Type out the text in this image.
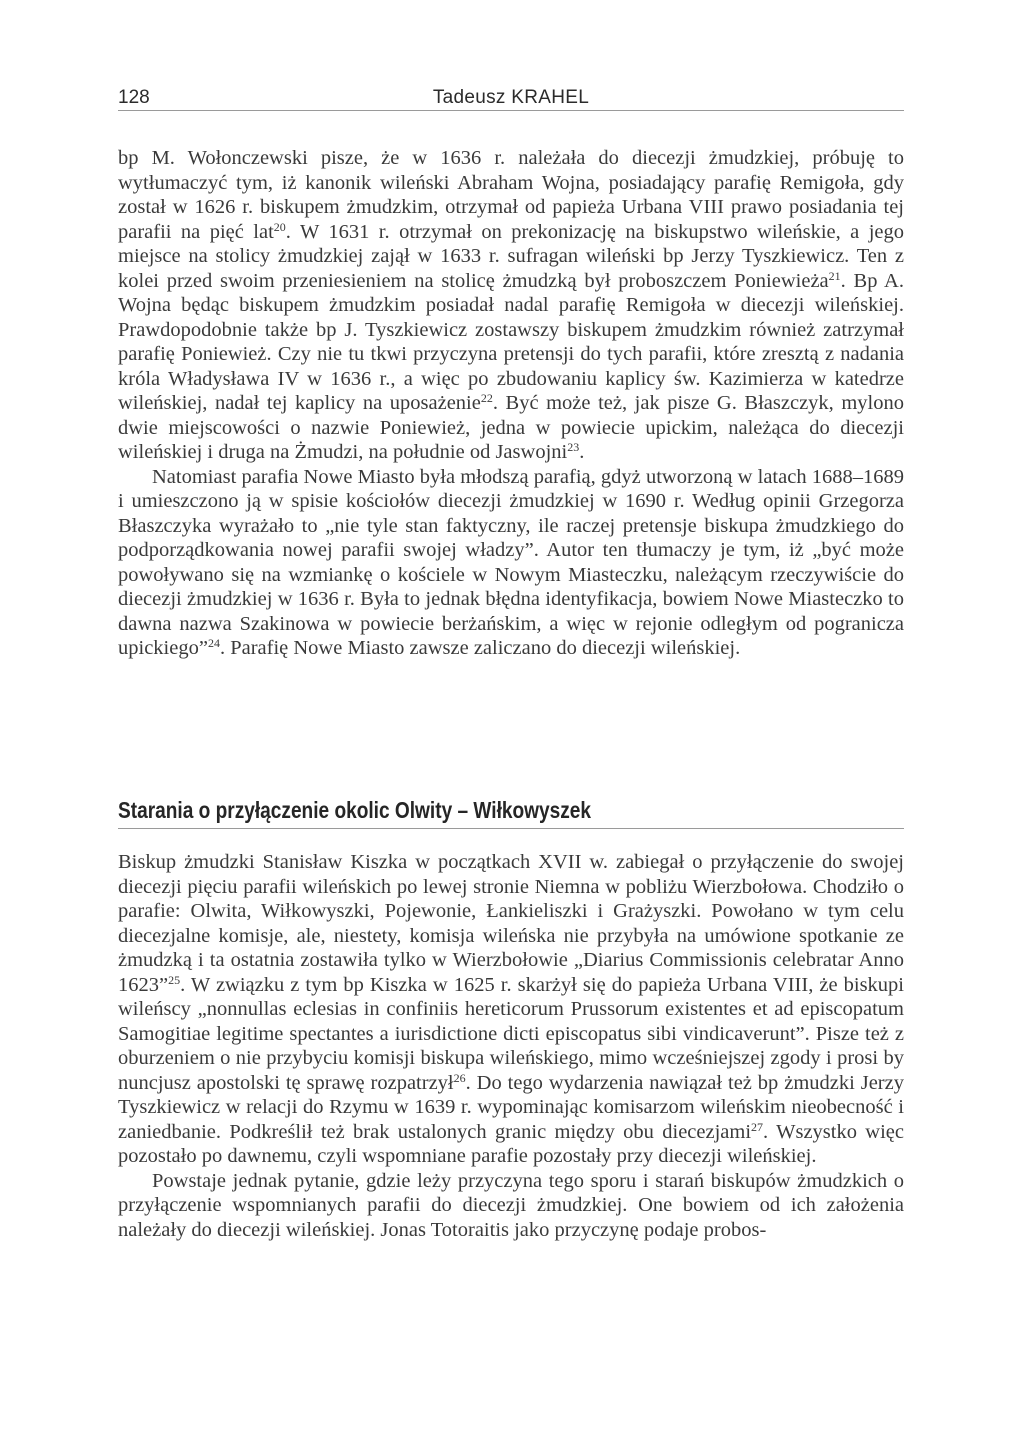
128	Tadeusz KRAHEL

bp M. Wołonczewski pisze, że w 1636 r. należała do diecezji żmudzkiej, próbuję to wytłumaczyć tym, iż kanonik wileński Abraham Wojna, posiadający parafię Remigoła, gdy został w 1626 r. biskupem żmudzkim, otrzymał od papieża Urbana VIII prawo posiadania tej parafii na pięć lat$^{20}$. W 1631 r. otrzymał on prekonizację na biskupstwo wileńskie, a jego miejsce na stolicy żmudzkiej zajął w 1633 r. sufragan wileński bp Jerzy Tyszkiewicz. Ten z kolei przed swoim przeniesieniem na stolicę żmudzką był proboszczem Poniewieża$^{21}$. Bp A. Wojna będąc biskupem żmudzkim posiadał nadal parafię Remigoła w diecezji wileńskiej. Prawdopodobnie także bp J. Tyszkiewicz zostawszy biskupem żmudzkim również zatrzymał parafię Poniewież. Czy nie tu tkwi przyczyna pretensji do tych parafii, które zresztą z nadania króla Władysława IV w 1636 r., a więc po zbudowaniu kaplicy św. Kazimierza w katedrze wileńskiej, nadał tej kaplicy na uposażenie$^{22}$. Być może też, jak pisze G. Błaszczyk, mylono dwie miejscowości o nazwie Poniewież, jedna w powiecie upickim, należąca do diecezji wileńskiej i druga na Żmudzi, na południe od Jaswojni$^{23}$.

Natomiast parafia Nowe Miasto była młodszą parafią, gdyż utworzoną w latach 1688–1689 i umieszczono ją w spisie kościołów diecezji żmudzkiej w 1690 r. Według opinii Grzegorza Błaszczyka wyrażało to „nie tyle stan faktyczny, ile raczej pretensje biskupa żmudzkiego do podporządkowania nowej parafii swojej władzy”. Autor ten tłumaczy je tym, iż „być może powoływano się na wzmiankę o kościele w Nowym Miasteczku, należącym rzeczywiście do diecezji żmudzkiej w 1636 r. Była to jednak błędna identyfikacja, bowiem Nowe Miasteczko to dawna nazwa Szakinowa w powiecie berżańskim, a więc w rejonie odległym od pogranicza upickiego”$^{24}$. Parafię Nowe Miasto zawsze zaliczano do diecezji wileńskiej.

Starania o przyłączenie okolic Olwity – Wiłkowyszek

Biskup żmudzki Stanisław Kiszka w początkach XVII w. zabiegał o przyłączenie do swojej diecezji pięciu parafii wileńskich po lewej stronie Niemna w pobliżu Wierzbołowa. Chodziło o parafie: Olwita, Wiłkowyszki, Pojewonie, Łankieliszki i Grażyszki. Powołano w tym celu diecezjalne komisje, ale, niestety, komisja wileńska nie przybyła na umówione spotkanie ze żmudzką i ta ostatnia zostawiła tylko w Wierzbołowie „Diarius Commissionis celebratar Anno 1623”$^{25}$. W związku z tym bp Kiszka w 1625 r. skarżył się do papieża Urbana VIII, że biskupi wileńscy „nonnullas eclesias in confiniis hereticorum Prussorum existentes et ad episcopatum Samogitiae legitime spectantes a iurisdictione dicti episcopatus sibi vindicaverunt”. Pisze też z oburzeniem o nie przybyciu komisji biskupa wileńskiego, mimo wcześniejszej zgody i prosi by nuncjusz apostolski tę sprawę rozpatrzył$^{26}$. Do tego wydarzenia nawiązał też bp żmudzki Jerzy Tyszkiewicz w relacji do Rzymu w 1639 r. wypominając komisarzom wileńskim nieobecność i zaniedbanie. Podkreślił też brak ustalonych granic między obu diecezjami$^{27}$. Wszystko więc pozostało po dawnemu, czyli wspomniane parafie pozostały przy diecezji wileńskiej.

Powstaje jednak pytanie, gdzie leży przyczyna tego sporu i starań biskupów żmudzkich o przyłączenie wspomnianych parafii do diecezji żmudzkiej. One bowiem od ich założenia należały do diecezji wileńskiej. Jonas Totoraitis jako przyczynę podaje probos-
